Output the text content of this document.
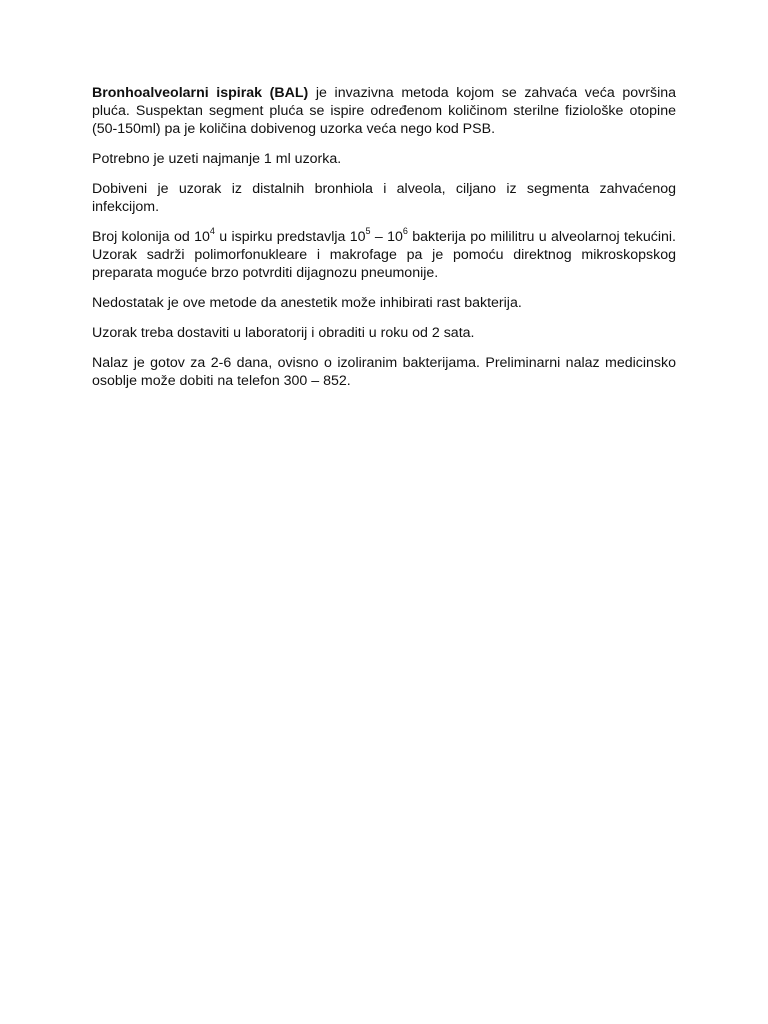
Bronhoalveolarni ispirak (BAL) je invazivna metoda kojom se zahvaća veća površina pluća. Suspektan segment pluća se ispire određenom količinom sterilne fiziološke otopine (50-150ml) pa je količina dobivenog uzorka veća nego kod PSB.

Potrebno je uzeti najmanje 1 ml uzorka.

Dobiveni je uzorak iz distalnih bronhiola i alveola, ciljano iz segmenta zahvaćenog infekcijom.

Broj kolonija od $10^4$ u ispirku predstavlja $10^5 - 10^6$ bakterija po mililitru u alveolarnoj tekućini. Uzorak sadrži polimorfonukleare i makrofage pa je pomoću direktnog mikroskopskog preparata moguće brzo potvrditi dijagnozu pneumonije.

Nedostatak je ove metode da anestetik može inhibirati rast bakterija.

Uzorak treba dostaviti u laboratorij i obraditi u roku od 2 sata.

Nalaz je gotov za 2-6 dana, ovisno o izoliranim bakterijama. Preliminarni nalaz medicinsko osoblje može dobiti na telefon 300 – 852.
